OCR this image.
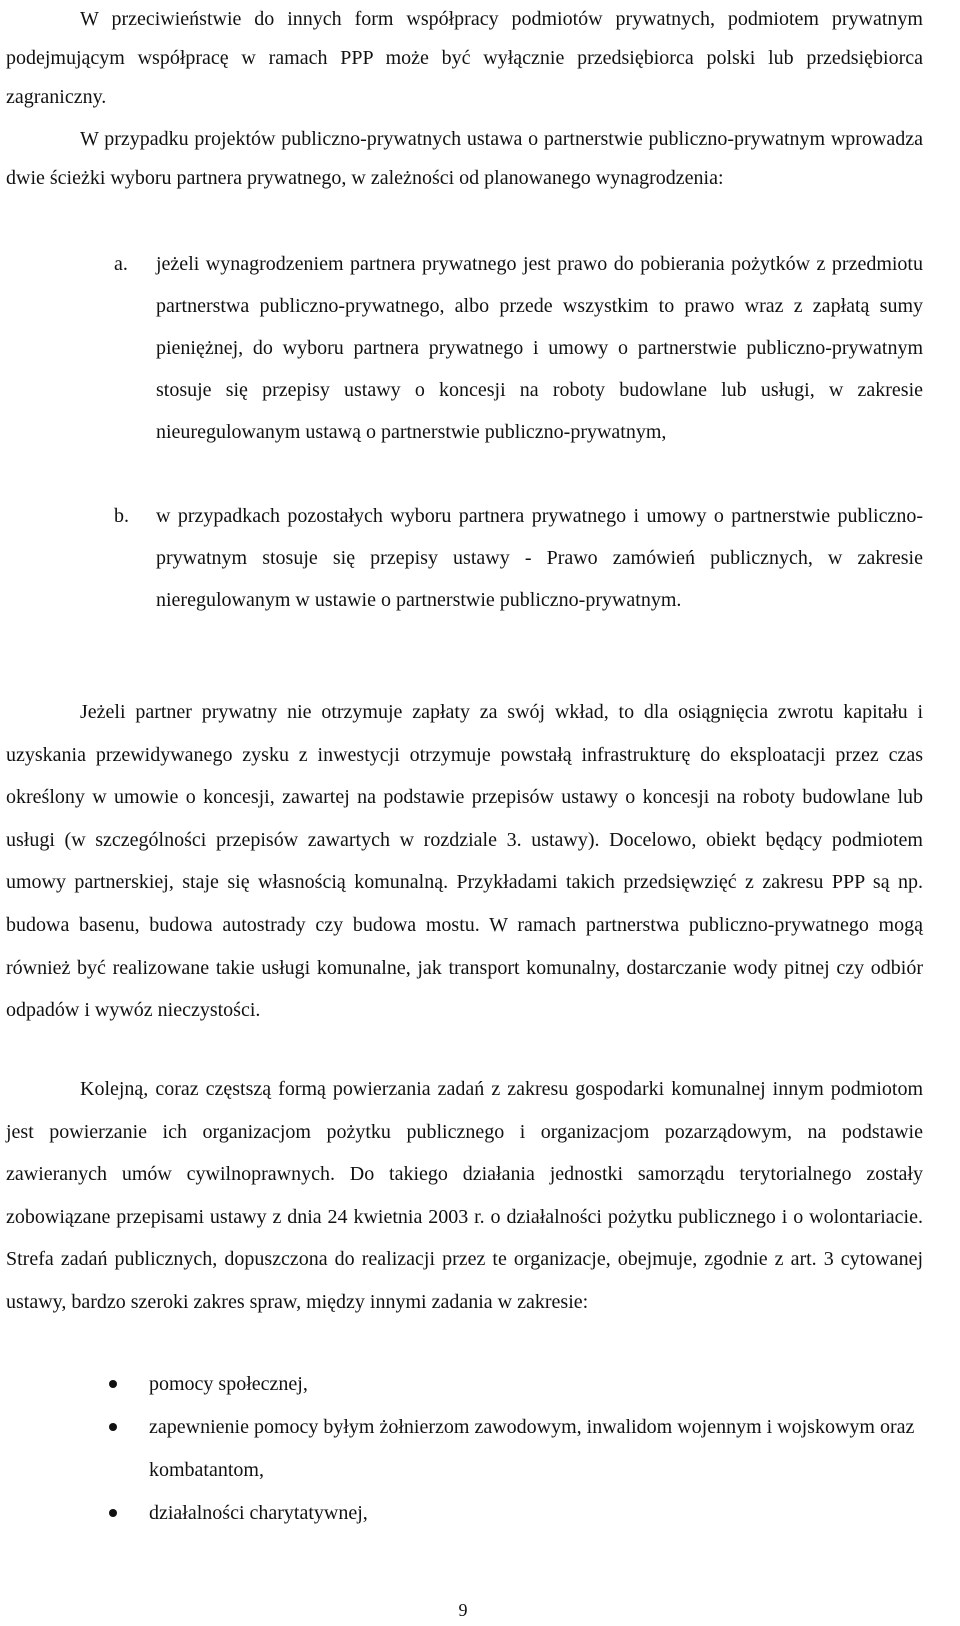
W przeciwieństwie do innych form współpracy podmiotów prywatnych, podmiotem prywatnym podejmującym współpracę w ramach PPP może być wyłącznie przedsiębiorca polski lub przedsiębiorca zagraniczny.

W przypadku projektów publiczno-prywatnych ustawa o partnerstwie publiczno-prywatnym wprowadza dwie ścieżki wyboru partnera prywatnego, w zależności od planowanego wynagrodzenia:

a. jeżeli wynagrodzeniem partnera prywatnego jest prawo do pobierania pożytków z przedmiotu partnerstwa publiczno-prywatnego, albo przede wszystkim to prawo wraz z zapłatą sumy pieniężnej, do wyboru partnera prywatnego i umowy o partnerstwie publiczno-prywatnym stosuje się przepisy ustawy o koncesji na roboty budowlane lub usługi, w zakresie nieuregulowanym ustawą o partnerstwie publiczno-prywatnym,
b. w przypadkach pozostałych wyboru partnera prywatnego i umowy o partnerstwie publiczno-prywatnym stosuje się przepisy ustawy - Prawo zamówień publicznych, w zakresie nieregulowanym w ustawie o partnerstwie publiczno-prywatnym.

Jeżeli partner prywatny nie otrzymuje zapłaty za swój wkład, to dla osiągnięcia zwrotu kapitału i uzyskania przewidywanego zysku z inwestycji otrzymuje powstałą infrastrukturę do eksploatacji przez czas określony w umowie o koncesji, zawartej na podstawie przepisów ustawy o koncesji na roboty budowlane lub usługi (w szczególności przepisów zawartych w rozdziale 3. ustawy). Docelowo, obiekt będący podmiotem umowy partnerskiej, staje się własnością komunalną. Przykładami takich przedsięwzięć z zakresu PPP są np. budowa basenu, budowa autostrady czy budowa mostu. W ramach partnerstwa publiczno-prywatnego mogą również być realizowane takie usługi komunalne, jak transport komunalny, dostarczanie wody pitnej czy odbiór odpadów i wywóz nieczystości.

Kolejną, coraz częstszą formą powierzania zadań z zakresu gospodarki komunalnej innym podmiotom jest powierzanie ich organizacjom pożytku publicznego i organizacjom pozarządowym, na podstawie zawieranych umów cywilnoprawnych. Do takiego działania jednostki samorządu terytorialnego zostały zobowiązane przepisami ustawy z dnia 24 kwietnia 2003 r. o działalności pożytku publicznego i o wolontariacie. Strefa zadań publicznych, dopuszczona do realizacji przez te organizacje, obejmuje, zgodnie z art. 3 cytowanej ustawy, bardzo szeroki zakres spraw, między innymi zadania w zakresie:

pomocy społecznej,
zapewnienie pomocy byłym żołnierzom zawodowym, inwalidom wojennym i wojskowym oraz kombatantom,
działalności charytatywnej,
9
